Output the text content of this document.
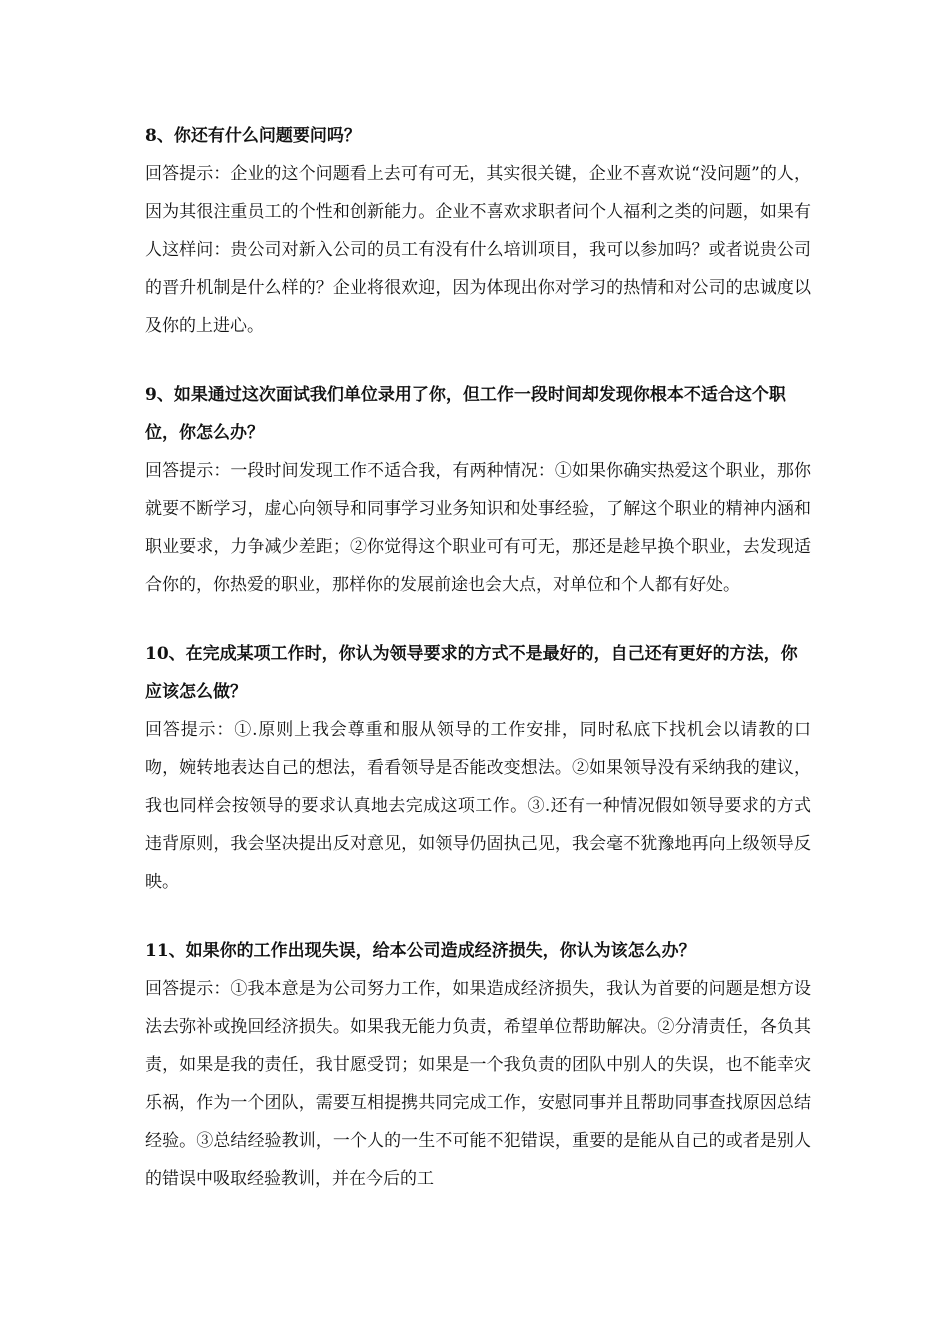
8、你还有什么问题要问吗？

回答提示：企业的这个问题看上去可有可无，其实很关键，企业不喜欢说“没问题”的人，因为其很注重员工的个性和创新能力。企业不喜欢求职者问个人福利之类的问题，如果有人这样问：贵公司对新入公司的员工有没有什么培训项目，我可以参加吗？或者说贵公司的晋升机制是什么样的？企业将很欢迎，因为体现出你对学习的热情和对公司的忠诚度以及你的上进心。

9、如果通过这次面试我们单位录用了你，但工作一段时间却发现你根本不适合这个职位，你怎么办？

回答提示：一段时间发现工作不适合我，有两种情况：①如果你确实热爱这个职业，那你就要不断学习，虚心向领导和同事学习业务知识和处事经验，了解这个职业的精神内涵和职业要求，力争减少差距；②你觉得这个职业可有可无，那还是趁早换个职业，去发现适合你的，你热爱的职业，那样你的发展前途也会大点，对单位和个人都有好处。

10、在完成某项工作时，你认为领导要求的方式不是最好的，自己还有更好的方法，你应该怎么做？

回答提示：①.原则上我会尊重和服从领导的工作安排，同时私底下找机会以请教的口吻，婉转地表达自己的想法，看看领导是否能改变想法。②如果领导没有采纳我的建议，我也同样会按领导的要求认真地去完成这项工作。③.还有一种情况假如领导要求的方式违背原则，我会坚决提出反对意见，如领导仍固执己见，我会毫不犹豫地再向上级领导反映。

11、如果你的工作出现失误，给本公司造成经济损失，你认为该怎么办？

回答提示：①我本意是为公司努力工作，如果造成经济损失，我认为首要的问题是想方设法去弥补或挽回经济损失。如果我无能力负责，希望单位帮助解决。②分清责任，各负其责，如果是我的责任，我甘愿受罚；如果是一个我负责的团队中别人的失误，也不能幸灾乐祸，作为一个团队，需要互相提携共同完成工作，安慰同事并且帮助同事查找原因总结经验。③总结经验教训，一个人的一生不可能不犯错误，重要的是能从自己的或者是别人的错误中吸取经验教训，并在今后的工
